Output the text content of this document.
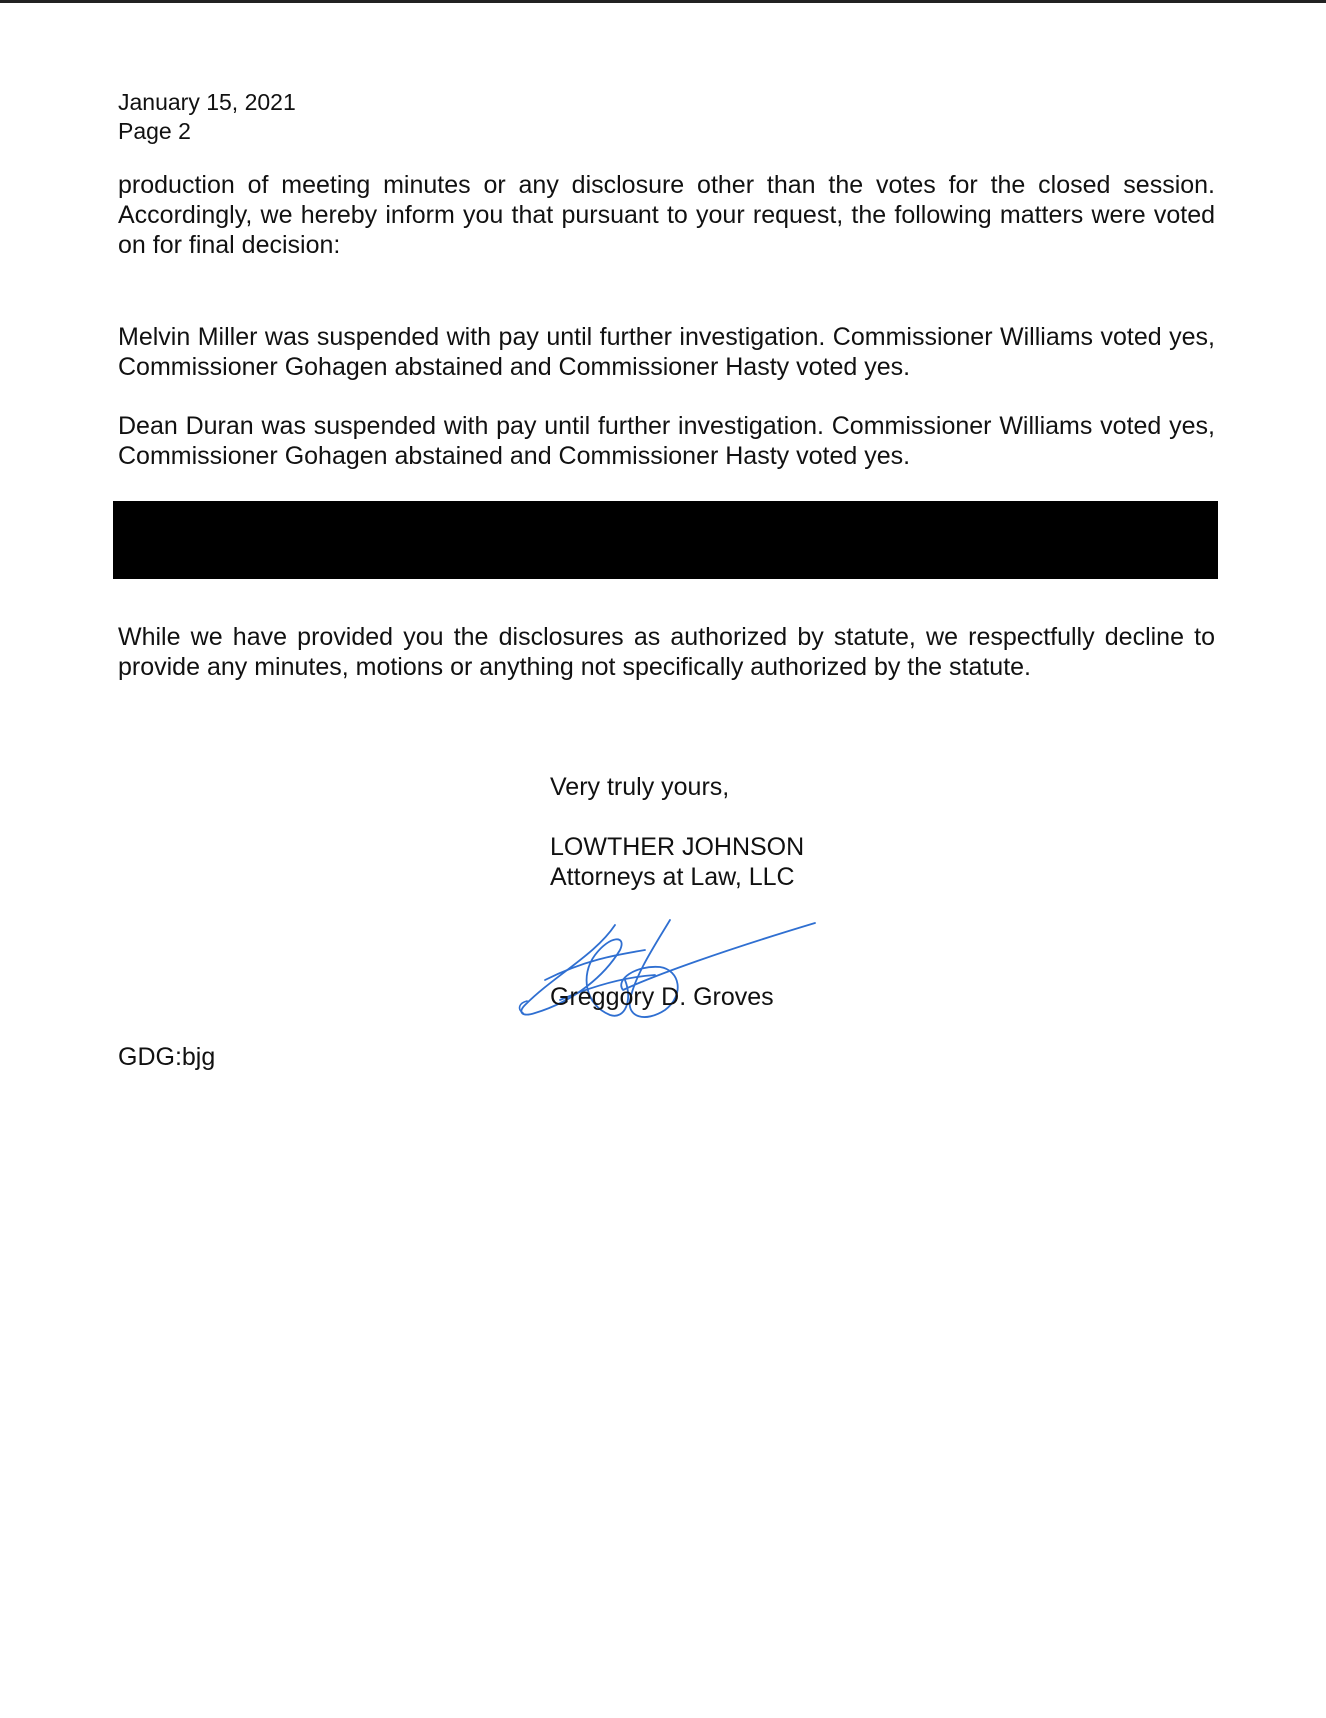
January 15, 2021
Page 2
production of meeting minutes or any disclosure other than the votes for the closed session. Accordingly, we hereby inform you that pursuant to your request, the following matters were voted on for final decision:
Melvin Miller was suspended with pay until further investigation. Commissioner Williams voted yes, Commissioner Gohagen abstained and Commissioner Hasty voted yes.
Dean Duran was suspended with pay until further investigation. Commissioner Williams voted yes, Commissioner Gohagen abstained and Commissioner Hasty voted yes.
While we have provided you the disclosures as authorized by statute, we respectfully decline to provide any minutes, motions or anything not specifically authorized by the statute.
Very truly yours,
LOWTHER JOHNSON
Attorneys at Law, LLC
Greggory D. Groves
GDG:bjg
